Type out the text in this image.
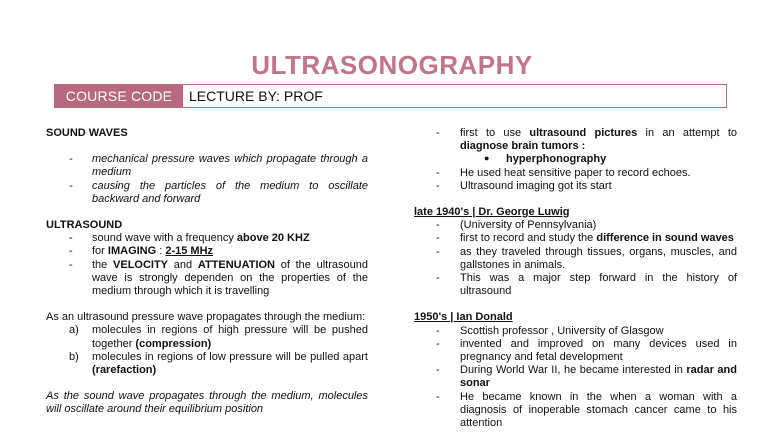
ULTRASONOGRAPHY
COURSE CODE	LECTURE BY: PROF
SOUND WAVES
- mechanical pressure waves which propagate through a medium
- causing the particles of the medium to oscillate backward and forward
ULTRASOUND
- sound wave with a frequency above 20 KHZ
- for IMAGING : 2-15 MHz
- the VELOCITY and ATTENUATION of the ultrasound wave is strongly dependen on the properties of the medium through which it is travelling
As an ultrasound pressure wave propagates through the medium:
a) molecules in regions of high pressure will be pushed together (compression)
b) molecules in regions of low pressure will be pulled apart (rarefaction)
As the sound wave propagates through the medium, molecules will oscillate around their equilibrium position
- first to use ultrasound pictures in an attempt to diagnose brain tumors :
● hyperphonography
- He used heat sensitive paper to record echoes.
- Ultrasound imaging got its start
late 1940's | Dr. George Luwig
- (University of Pennsylvania)
- first to record and study the difference in sound waves
- as they traveled through tissues, organs, muscles, and gallstones in animals.
- This was a major step forward in the history of ultrasound
1950's | Ian Donald
- Scottish professor , University of Glasgow
- invented and improved on many devices used in pregnancy and fetal development
- During World War II, he became interested in radar and sonar
- He became known in the when a woman with a diagnosis of inoperable stomach cancer came to his attention
